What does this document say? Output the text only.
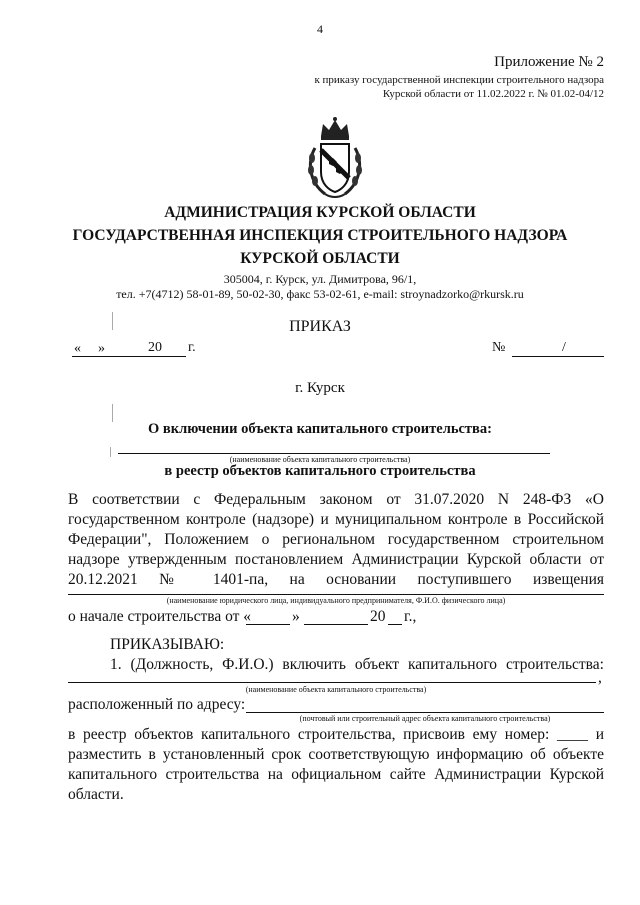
4
Приложение № 2
к приказу государственной инспекции строительного надзора
Курской области от 11.02.2022 г. № 01.02-04/12
АДМИНИСТРАЦИЯ КУРСКОЙ ОБЛАСТИ
ГОСУДАРСТВЕННАЯ ИНСПЕКЦИЯ СТРОИТЕЛЬНОГО НАДЗОРА
КУРСКОЙ ОБЛАСТИ
305004, г. Курск, ул. Димитрова, 96/1,
тел. +7(4712) 58-01-89, 50-02-30, факс 53-02-61, e-mail: stroynadzorko@rkursk.ru
ПРИКАЗ
« »	20 г.	№	/
г. Курск
О включении объекта капитального строительства:
(наименование объекта капитального строительства)
в реестр объектов капитального строительства
В соответствии с Федеральным законом от 31.07.2020 N 248-ФЗ «О
государственном контроле (надзоре) и муниципальном контроле в Российской
Федерации", Положением о региональном государственном строительном
надзоре утвержденным постановлением Администрации Курской области от
20.12.2021 № 1401-па, на основании поступившего извещения
(наименование юридического лица, индивидуального предпринимателя, Ф.И.О. физического лица)
о начале строительства от «	»	20 г.,
ПРИКАЗЫВАЮ:
1. (Должность, Ф.И.О.) включить объект капитального строительства:
,
(наименование объекта капитального строительства)
расположенный по адресу:
(почтовый или строительный адрес объекта капитального строительства)
в реестр объектов капитального строительства, присвоив ему номер: ____ и
разместить в установленный срок соответствующую информацию об объекте
капитального строительства на официальном сайте Администрации Курской
области.
